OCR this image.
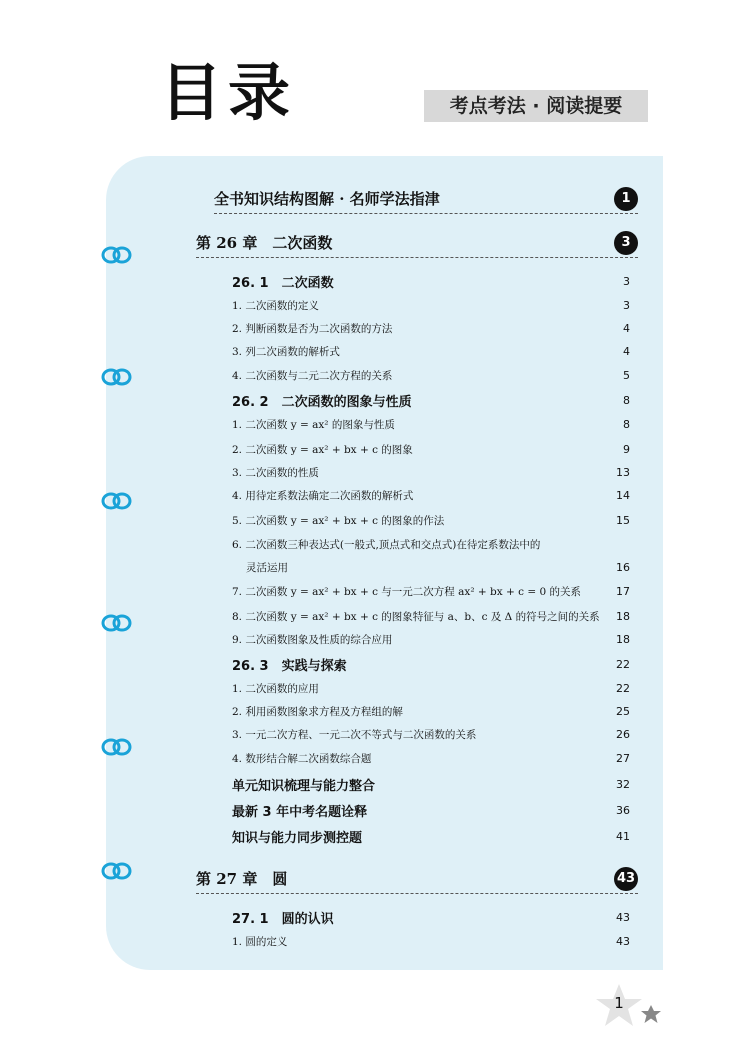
目录	考点考法 · 阅读提要
全书知识结构图解 · 名师学法指津	1
第 26 章　二次函数	3
26. 1　二次函数	3
1. 二次函数的定义	3
2. 判断函数是否为二次函数的方法	4
3. 列二次函数的解析式	4
4. 二次函数与二元二次方程的关系	5
26. 2　二次函数的图象与性质	8
1. 二次函数 y = ax² 的图象与性质	8
2. 二次函数 y = ax² + bx + c 的图象	9
3. 二次函数的性质	13
4. 用待定系数法确定二次函数的解析式	14
5. 二次函数 y = ax² + bx + c 的图象的作法	15
6. 二次函数三种表达式(一般式,顶点式和交点式)在待定系数法中的
灵活运用	16
7. 二次函数 y = ax² + bx + c 与一元二次方程 ax² + bx + c = 0 的关系	17
8. 二次函数 y = ax² + bx + c 的图象特征与 a、b、c 及 Δ 的符号之间的关系 18
9. 二次函数图象及性质的综合应用	18
26. 3　实践与探索	22
1. 二次函数的应用	22
2. 利用函数图象求方程及方程组的解	25
3. 一元二次方程、一元二次不等式与二次函数的关系	26
4. 数形结合解二次函数综合题	27
单元知识梳理与能力整合	32
最新 3 年中考名题诠释	36
知识与能力同步测控题	41
第 27 章　圆	43
27. 1　圆的认识	43
1. 圆的定义	43
1
